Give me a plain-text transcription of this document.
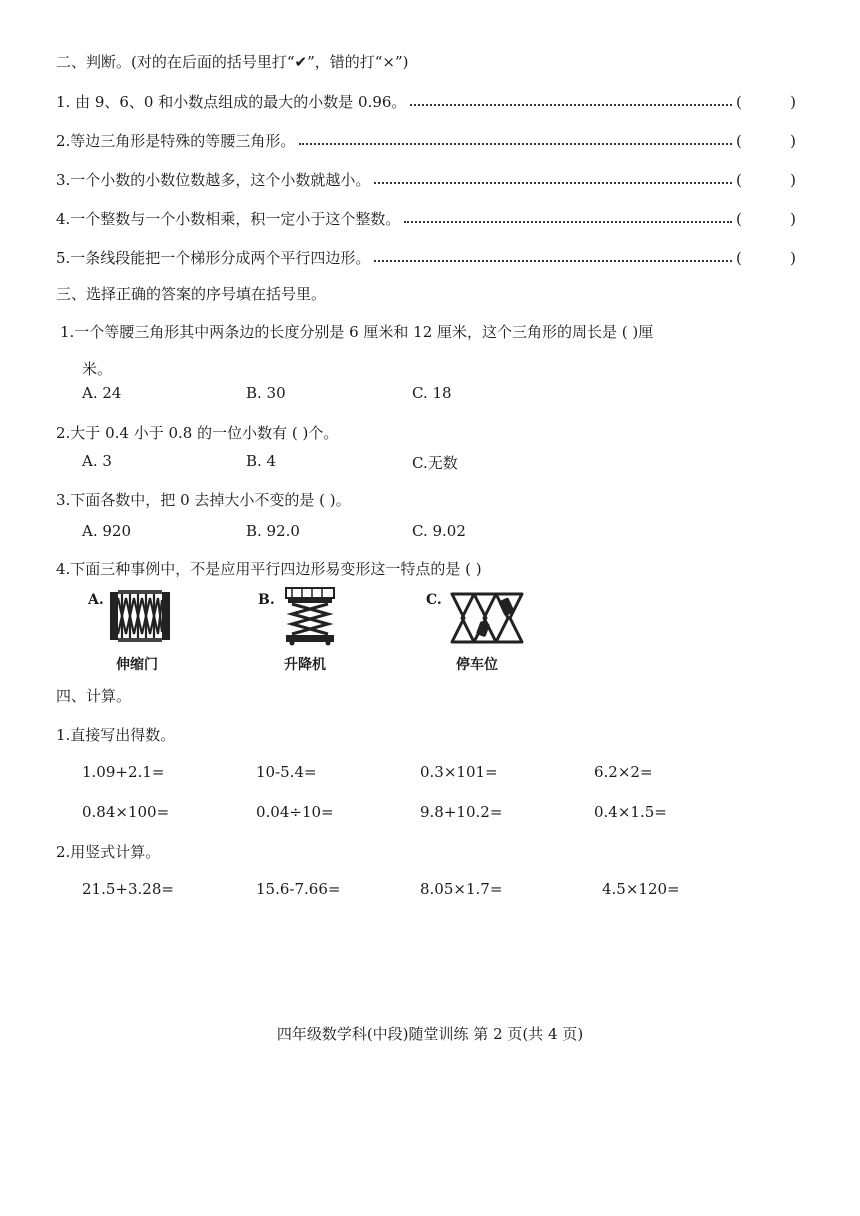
二、判断。(对的在后面的括号里打“✔”，错的打“×”)
1. 由 9、6、0 和小数点组成的最大的小数是 0.96。	(	)
2.等边三角形是特殊的等腰三角形。	(	)
3.一个小数的小数位数越多，这个小数就越小。	(	)
4.一个整数与一个小数相乘，积一定小于这个整数。	(	)
5.一条线段能把一个梯形分成两个平行四边形。	(	)
三、选择正确的答案的序号填在括号里。
1.一个等腰三角形其中两条边的长度分别是 6 厘米和 12 厘米，这个三角形的周长是 ( )厘
米。
A. 24	B. 30	C. 18
2.大于 0.4 小于 0.8 的一位小数有 ( )个。
A. 3	B. 4	C.无数
3.下面各数中，把 0 去掉大小不变的是 ( )。
A. 920	B. 92.0	C. 9.02
4.下面三种事例中，不是应用平行四边形易变形这一特点的是 ( )
A.
伸缩门
B.
升降机
C.
停车位
四、计算。
1.直接写出得数。
1.09+2.1=	10-5.4=	0.3×101=	6.2×2=
0.84×100=	0.04÷10=	9.8+10.2=	0.4×1.5=
2.用竖式计算。
21.5+3.28=	15.6-7.66=	8.05×1.7=	4.5×120=
四年级数学科(中段)随堂训练 第 2 页(共 4 页)
